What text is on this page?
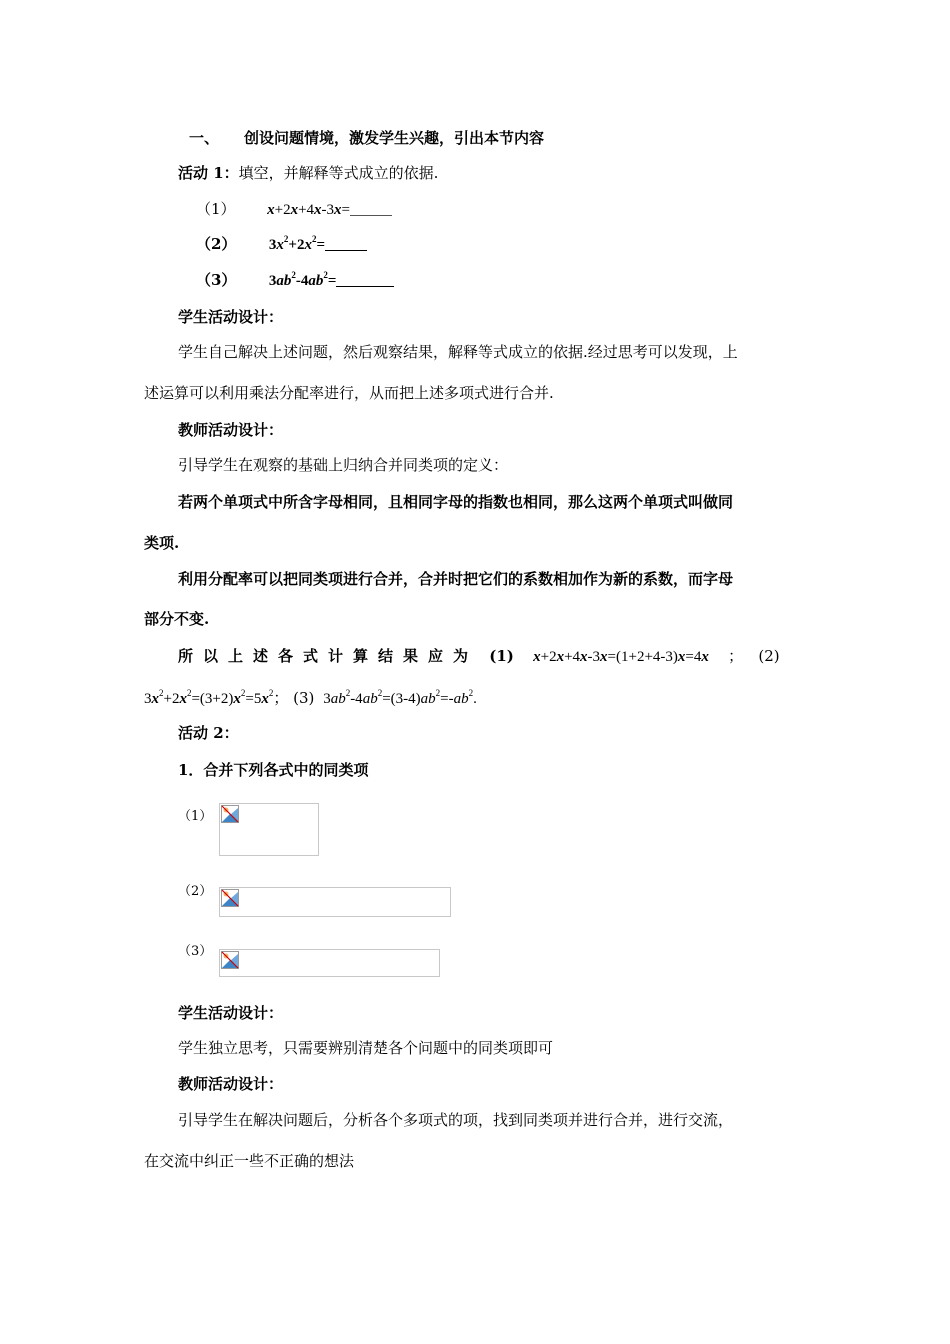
一、 创设问题情境，激发学生兴趣，引出本节内容
活动 1：填空，并解释等式成立的依据.
（1） x+2x+4x-3x=
（2） $3x^2+2x^2=$
（3） $3ab^2-4ab^2=$
学生活动设计：
学生自己解决上述问题，然后观察结果，解释等式成立的依据.经过思考可以发现，上
述运算可以利用乘法分配率进行，从而把上述多项式进行合并.
教师活动设计：
引导学生在观察的基础上归纳合并同类项的定义：
若两个单项式中所含字母相同，且相同字母的指数也相同，那么这两个单项式叫做同
类项.
利用分配率可以把同类项进行合并，合并时把它们的系数相加作为新的系数，而字母
部分不变.
所以上述各式计算结果应为 (1) x+2x+4x-3x=(1+2+4-3)x=4x ； (2)
$3x^2+2x^2=(3+2)x^2=5x^2$； (3) $3ab^2-4ab^2=(3-4)ab^2=-ab^2$.
活动 2：
1．合并下列各式中的同类项
（1）
（2）
（3）
学生活动设计：
学生独立思考，只需要辨别清楚各个问题中的同类项即可
教师活动设计：
引导学生在解决问题后，分析各个多项式的项，找到同类项并进行合并，进行交流，
在交流中纠正一些不正确的想法
